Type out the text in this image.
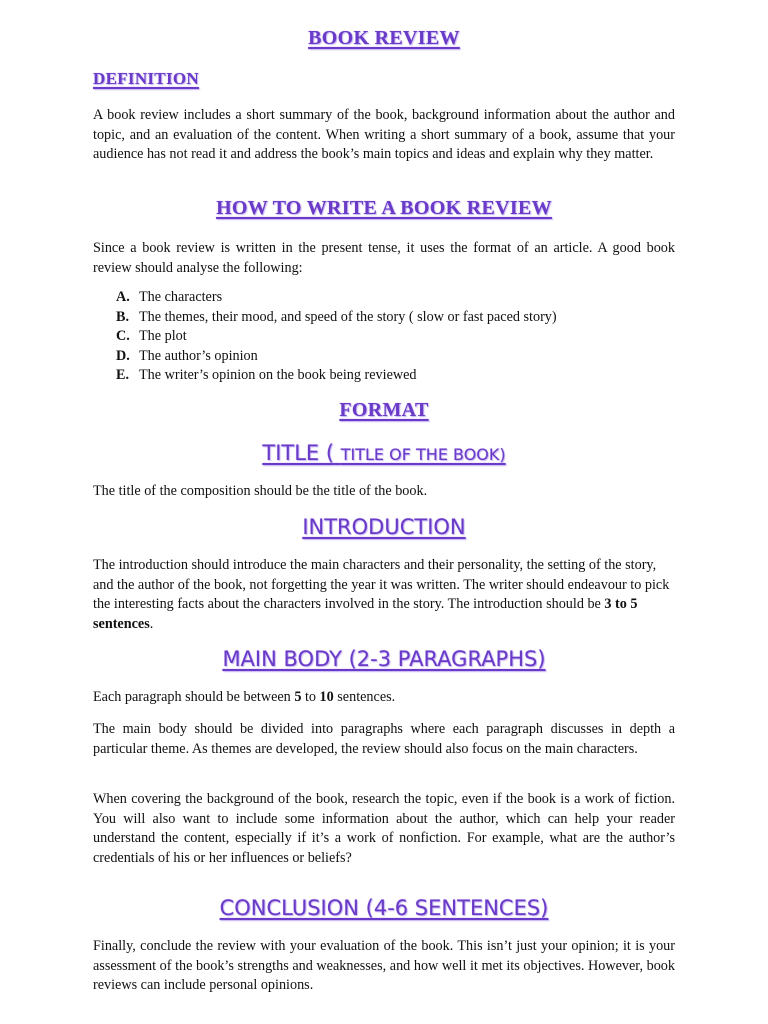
BOOK REVIEW
DEFINITION

A book review includes a short summary of the book, background information about the author and topic, and an evaluation of the content. When writing a short summary of a book, assume that your audience has not read it and address the book’s main topics and ideas and explain why they matter.

HOW TO WRITE A BOOK REVIEW

Since a book review is written in the present tense, it uses the format of an article. A good book review should analyse the following:

A. The characters
B. The themes, their mood, and speed of the story ( slow or fast paced story)
C. The plot
D. The author’s opinion
E. The writer’s opinion on the book being reviewed
FORMAT
TITLE ( TITLE OF THE BOOK)

The title of the composition should be the title of the book.

INTRODUCTION

The introduction should introduce the main characters and their personality, the setting of the story, and the author of the book, not forgetting the year it was written. The writer should endeavour to pick the interesting facts about the characters involved in the story. The introduction should be 3 to 5 sentences.

MAIN BODY (2-3 PARAGRAPHS)

Each paragraph should be between 5 to 10 sentences.

The main body should be divided into paragraphs where each paragraph discusses in depth a particular theme. As themes are developed, the review should also focus on the main characters.

When covering the background of the book, research the topic, even if the book is a work of fiction. You will also want to include some information about the author, which can help your reader understand the content, especially if it’s a work of nonfiction. For example, what are the author’s credentials of his or her influences or beliefs?

CONCLUSION (4-6 SENTENCES)

Finally, conclude the review with your evaluation of the book. This isn’t just your opinion; it is your assessment of the book’s strengths and weaknesses, and how well it met its objectives. However, book reviews can include personal opinions.
